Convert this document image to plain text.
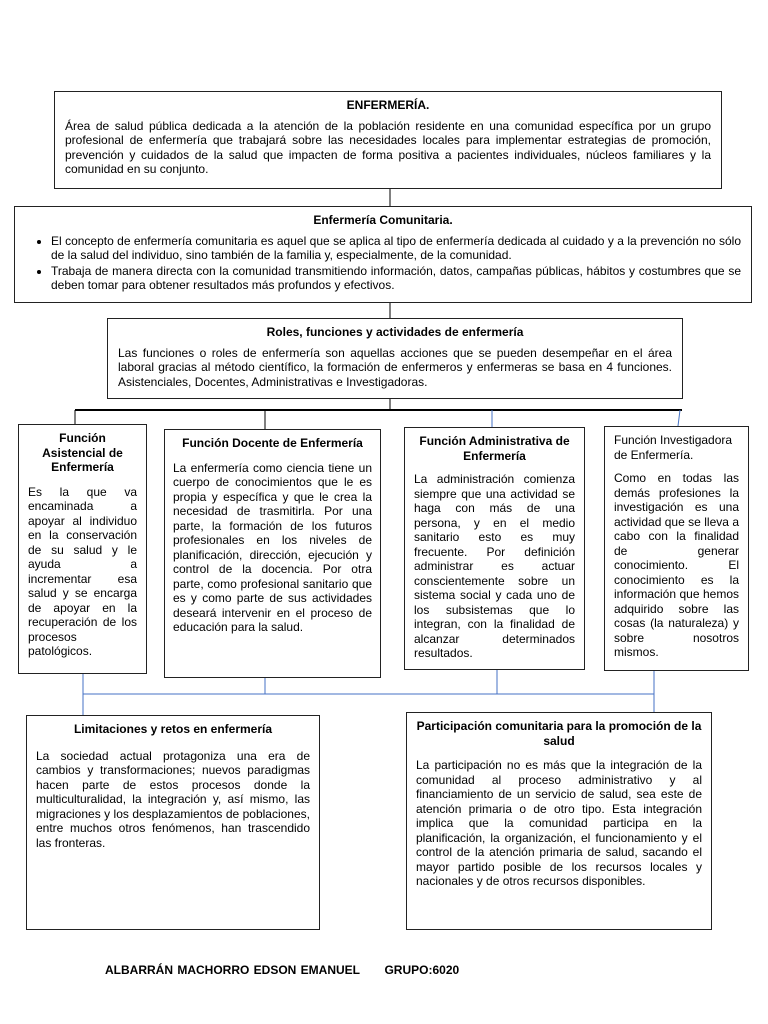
ENFERMERÍA.
Área de salud pública dedicada a la atención de la población residente en una comunidad específica por un grupo profesional de enfermería que trabajará sobre las necesidades locales para implementar estrategias de promoción, prevención y cuidados de la salud que impacten de forma positiva a pacientes individuales, núcleos familiares y la comunidad en su conjunto.
Enfermería Comunitaria.
• El concepto de enfermería comunitaria es aquel que se aplica al tipo de enfermería dedicada al cuidado y a la prevención no sólo de la salud del individuo, sino también de la familia y, especialmente, de la comunidad.
• Trabaja de manera directa con la comunidad transmitiendo información, datos, campañas públicas, hábitos y costumbres que se deben tomar para obtener resultados más profundos y efectivos.
Roles, funciones y actividades de enfermería
Las funciones o roles de enfermería son aquellas acciones que se pueden desempeñar en el área laboral gracias al método científico, la formación de enfermeros y enfermeras se basa en 4 funciones. Asistenciales, Docentes, Administrativas e Investigadoras.
Función Asistencial de Enfermería
Es la que va encaminada a apoyar al individuo en la conservación de su salud y le ayuda a incrementar esa salud y se encarga de apoyar en la recuperación de los procesos patológicos.
Función Docente de Enfermería
La enfermería como ciencia tiene un cuerpo de conocimientos que le es propia y específica y que le crea la necesidad de trasmitirla. Por una parte, la formación de los futuros profesionales en los niveles de planificación, dirección, ejecución y control de la docencia. Por otra parte, como profesional sanitario que es y como parte de sus actividades deseará intervenir en el proceso de educación para la salud.
Función Administrativa de Enfermería
La administración comienza siempre que una actividad se haga con más de una persona, y en el medio sanitario esto es muy frecuente. Por definición administrar es actuar conscientemente sobre un sistema social y cada uno de los subsistemas que lo integran, con la finalidad de alcanzar determinados resultados.
Función Investigadora de Enfermería.
Como en todas las demás profesiones la investigación es una actividad que se lleva a cabo con la finalidad de generar conocimiento. El conocimiento es la información que hemos adquirido sobre las cosas (la naturaleza) y sobre nosotros mismos.
Limitaciones y retos en enfermería
La sociedad actual protagoniza una era de cambios y transformaciones; nuevos paradigmas hacen parte de estos procesos donde la multiculturalidad, la integración y, así mismo, las migraciones y los desplazamientos de poblaciones, entre muchos otros fenómenos, han trascendido las fronteras.
Participación comunitaria para la promoción de la salud
La participación no es más que la integración de la comunidad al proceso administrativo y al financiamiento de un servicio de salud, sea este de atención primaria o de otro tipo. Esta integración implica que la comunidad participa en la planificación, la organización, el funcionamiento y el control de la atención primaria de salud, sacando el mayor partido posible de los recursos locales y nacionales y de otros recursos disponibles.
ALBARRÁN MACHORRO EDSON EMANUEL GRUPO:6020
